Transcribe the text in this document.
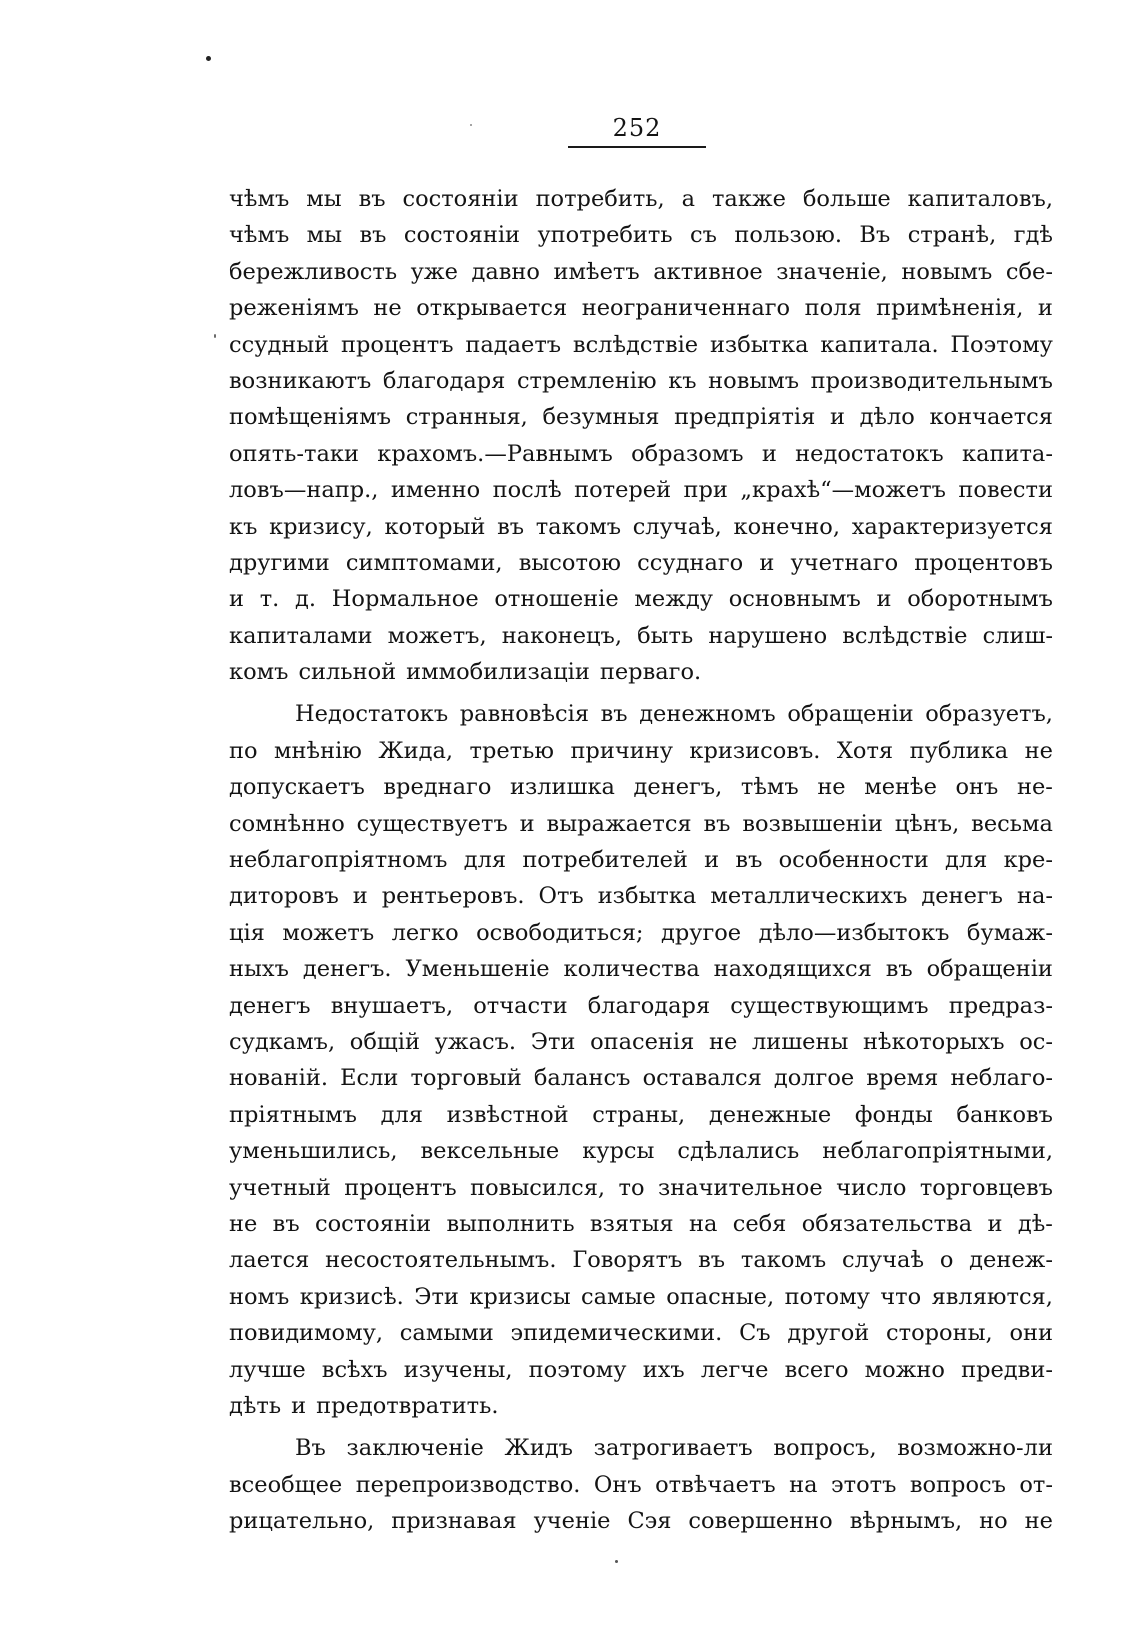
252
чѣмъ мы въ состоянiи потребить, а также больше капиталовъ,
чѣмъ мы въ состоянiи употребить съ пользою. Въ странѣ, гдѣ
бережливость уже давно имѣетъ активное значенiе, новымъ сбе-
реженiямъ не открывается неограниченнаго поля примѣненiя, и
ссудный процентъ падаетъ вслѣдствiе избытка капитала. Поэтому
возникаютъ благодаря стремленiю къ новымъ производительнымъ
помѣщенiямъ странныя, безумныя предпрiятiя и дѣло кончается
опять-таки крахомъ.—Равнымъ образомъ и недостатокъ капита-
ловъ—напр., именно послѣ потерей при „крахѣ“—можетъ повести
къ кризису, который въ такомъ случаѣ, конечно, характеризуется
другими симптомами, высотою ссуднаго и учетнаго процентовъ
и т. д. Нормальное отношенiе между основнымъ и оборотнымъ
капиталами можетъ, наконецъ, быть нарушено вслѣдствiе слиш-
комъ сильной иммобилизацiи перваго.
Недостатокъ равновѣсiя въ денежномъ обращенiи образуетъ,
по мнѣнiю Жида, третью причину кризисовъ. Хотя публика не
допускаетъ вреднаго излишка денегъ, тѣмъ не менѣе онъ не-
сомнѣнно существуетъ и выражается въ возвышенiи цѣнъ, весьма
неблагопрiятномъ для потребителей и въ особенности для кре-
диторовъ и рентьеровъ. Отъ избытка металлическихъ денегъ на-
цiя можетъ легко освободиться; другое дѣло—избытокъ бумаж-
ныхъ денегъ. Уменьшенiе количества находящихся въ обращенiи
денегъ внушаетъ, отчасти благодаря существующимъ предраз-
судкамъ, общiй ужасъ. Эти опасенiя не лишены нѣкоторыхъ ос-
нованiй. Если торговый балансъ оставался долгое время неблаго-
прiятнымъ для извѣстной страны, денежные фонды банковъ
уменьшились, вексельные курсы сдѣлались неблагопрiятными,
учетный процентъ повысился, то значительное число торговцевъ
не въ состоянiи выполнить взятыя на себя обязательства и дѣ-
лается несостоятельнымъ. Говорятъ въ такомъ случаѣ о денеж-
номъ кризисѣ. Эти кризисы самые опасные, потому что являются,
повидимому, самыми эпидемическими. Съ другой стороны, они
лучше всѣхъ изучены, поэтому ихъ легче всего можно предви-
дѣть и предотвратить.
Въ заключенiе Жидъ затрогиваетъ вопросъ, возможно-ли
всеобщее перепроизводство. Онъ отвѣчаетъ на этотъ вопросъ от-
рицательно, признавая ученiе Сэя совершенно вѣрнымъ, но не
